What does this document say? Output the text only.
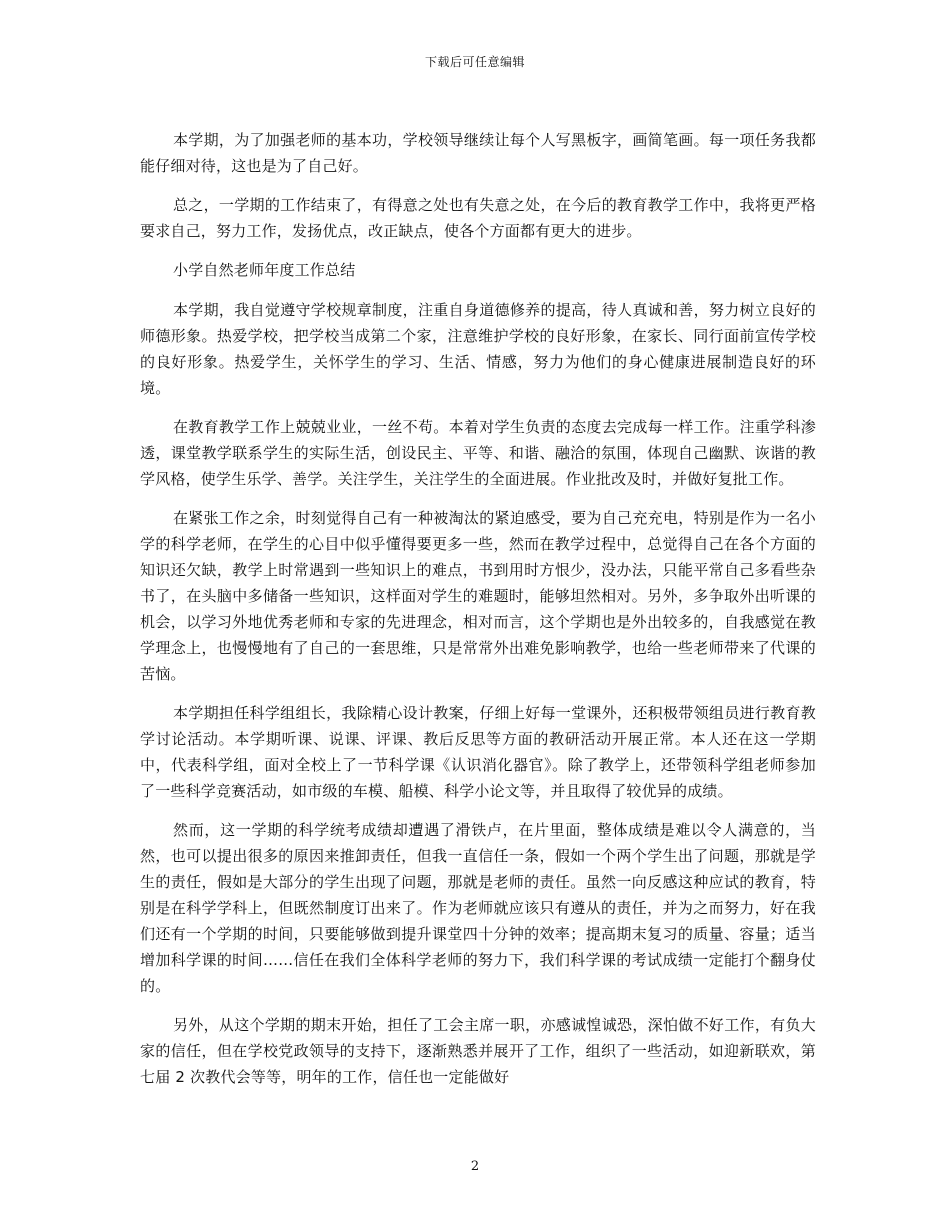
下载后可任意编辑

本学期，为了加强老师的基本功，学校领导继续让每个人写黑板字，画简笔画。每一项任务我都能仔细对待，这也是为了自己好。

总之，一学期的工作结束了，有得意之处也有失意之处，在今后的教育教学工作中，我将更严格要求自己，努力工作，发扬优点，改正缺点，使各个方面都有更大的进步。

小学自然老师年度工作总结

本学期，我自觉遵守学校规章制度，注重自身道德修养的提高，待人真诚和善，努力树立良好的师德形象。热爱学校，把学校当成第二个家，注意维护学校的良好形象，在家长、同行面前宣传学校的良好形象。热爱学生，关怀学生的学习、生活、情感，努力为他们的身心健康进展制造良好的环境。

在教育教学工作上兢兢业业，一丝不苟。本着对学生负责的态度去完成每一样工作。注重学科渗透，课堂教学联系学生的实际生活，创设民主、平等、和谐、融洽的氛围，体现自己幽默、诙谐的教学风格，使学生乐学、善学。关注学生，关注学生的全面进展。作业批改及时，并做好复批工作。

在紧张工作之余，时刻觉得自己有一种被淘汰的紧迫感受，要为自己充充电，特别是作为一名小学的科学老师，在学生的心目中似乎懂得要更多一些，然而在教学过程中，总觉得自己在各个方面的知识还欠缺，教学上时常遇到一些知识上的难点，书到用时方恨少，没办法，只能平常自己多看些杂书了，在头脑中多储备一些知识，这样面对学生的难题时，能够坦然相对。另外，多争取外出听课的机会，以学习外地优秀老师和专家的先进理念，相对而言，这个学期也是外出较多的，自我感觉在教学理念上，也慢慢地有了自己的一套思维，只是常常外出难免影响教学，也给一些老师带来了代课的苦恼。

本学期担任科学组组长，我除精心设计教案，仔细上好每一堂课外，还积极带领组员进行教育教学讨论活动。本学期听课、说课、评课、教后反思等方面的教研活动开展正常。本人还在这一学期中，代表科学组，面对全校上了一节科学课《认识消化器官》。除了教学上，还带领科学组老师参加了一些科学竞赛活动，如市级的车模、船模、科学小论文等，并且取得了较优异的成绩。

然而，这一学期的科学统考成绩却遭遇了滑铁卢，在片里面，整体成绩是难以令人满意的，当然，也可以提出很多的原因来推卸责任，但我一直信任一条，假如一个两个学生出了问题，那就是学生的责任，假如是大部分的学生出现了问题，那就是老师的责任。虽然一向反感这种应试的教育，特别是在科学学科上，但既然制度订出来了。作为老师就应该只有遵从的责任，并为之而努力，好在我们还有一个学期的时间，只要能够做到提升课堂四十分钟的效率；提高期末复习的质量、容量；适当增加科学课的时间……信任在我们全体科学老师的努力下，我们科学课的考试成绩一定能打个翻身仗的。

另外，从这个学期的期末开始，担任了工会主席一职，亦感诚惶诚恐，深怕做不好工作，有负大家的信任，但在学校党政领导的支持下，逐渐熟悉并展开了工作，组织了一些活动，如迎新联欢，第七届 2 次教代会等等，明年的工作，信任也一定能做好

2
